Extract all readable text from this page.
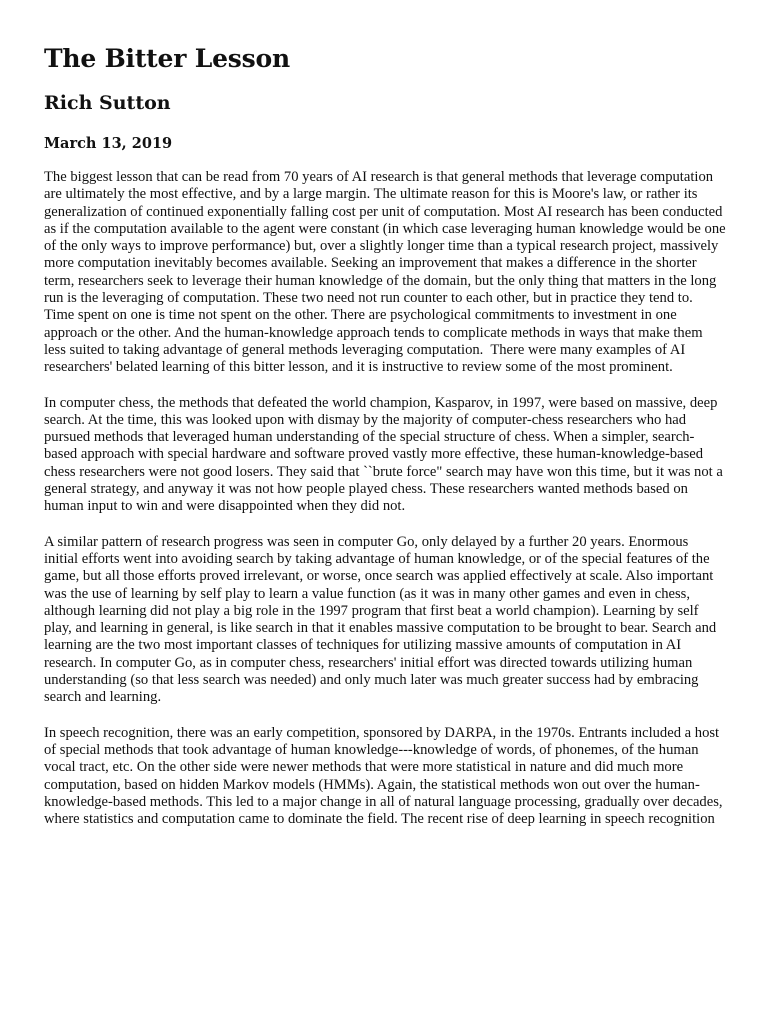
The Bitter Lesson
Rich Sutton
March 13, 2019

The biggest lesson that can be read from 70 years of AI research is that general methods that leverage computation are ultimately the most effective, and by a large margin. The ultimate reason for this is Moore's law, or rather its generalization of continued exponentially falling cost per unit of computation. Most AI research has been conducted as if the computation available to the agent were constant (in which case leveraging human knowledge would be one of the only ways to improve performance) but, over a slightly longer time than a typical research project, massively more computation inevitably becomes available. Seeking an improvement that makes a difference in the shorter term, researchers seek to leverage their human knowledge of the domain, but the only thing that matters in the long run is the leveraging of computation. These two need not run counter to each other, but in practice they tend to. Time spent on one is time not spent on the other. There are psychological commitments to investment in one approach or the other. And the human-knowledge approach tends to complicate methods in ways that make them less suited to taking advantage of general methods leveraging computation.  There were many examples of AI researchers' belated learning of this bitter lesson, and it is instructive to review some of the most prominent.

In computer chess, the methods that defeated the world champion, Kasparov, in 1997, were based on massive, deep search. At the time, this was looked upon with dismay by the majority of computer-chess researchers who had pursued methods that leveraged human understanding of the special structure of chess. When a simpler, search-based approach with special hardware and software proved vastly more effective, these human-knowledge-based chess researchers were not good losers. They said that ``brute force" search may have won this time, but it was not a general strategy, and anyway it was not how people played chess. These researchers wanted methods based on human input to win and were disappointed when they did not.

A similar pattern of research progress was seen in computer Go, only delayed by a further 20 years. Enormous initial efforts went into avoiding search by taking advantage of human knowledge, or of the special features of the game, but all those efforts proved irrelevant, or worse, once search was applied effectively at scale. Also important was the use of learning by self play to learn a value function (as it was in many other games and even in chess, although learning did not play a big role in the 1997 program that first beat a world champion). Learning by self play, and learning in general, is like search in that it enables massive computation to be brought to bear. Search and learning are the two most important classes of techniques for utilizing massive amounts of computation in AI research. In computer Go, as in computer chess, researchers' initial effort was directed towards utilizing human understanding (so that less search was needed) and only much later was much greater success had by embracing search and learning.

In speech recognition, there was an early competition, sponsored by DARPA, in the 1970s. Entrants included a host of special methods that took advantage of human knowledge---knowledge of words, of phonemes, of the human vocal tract, etc. On the other side were newer methods that were more statistical in nature and did much more computation, based on hidden Markov models (HMMs). Again, the statistical methods won out over the human-knowledge-based methods. This led to a major change in all of natural language processing, gradually over decades, where statistics and computation came to dominate the field. The recent rise of deep learning in speech recognition
